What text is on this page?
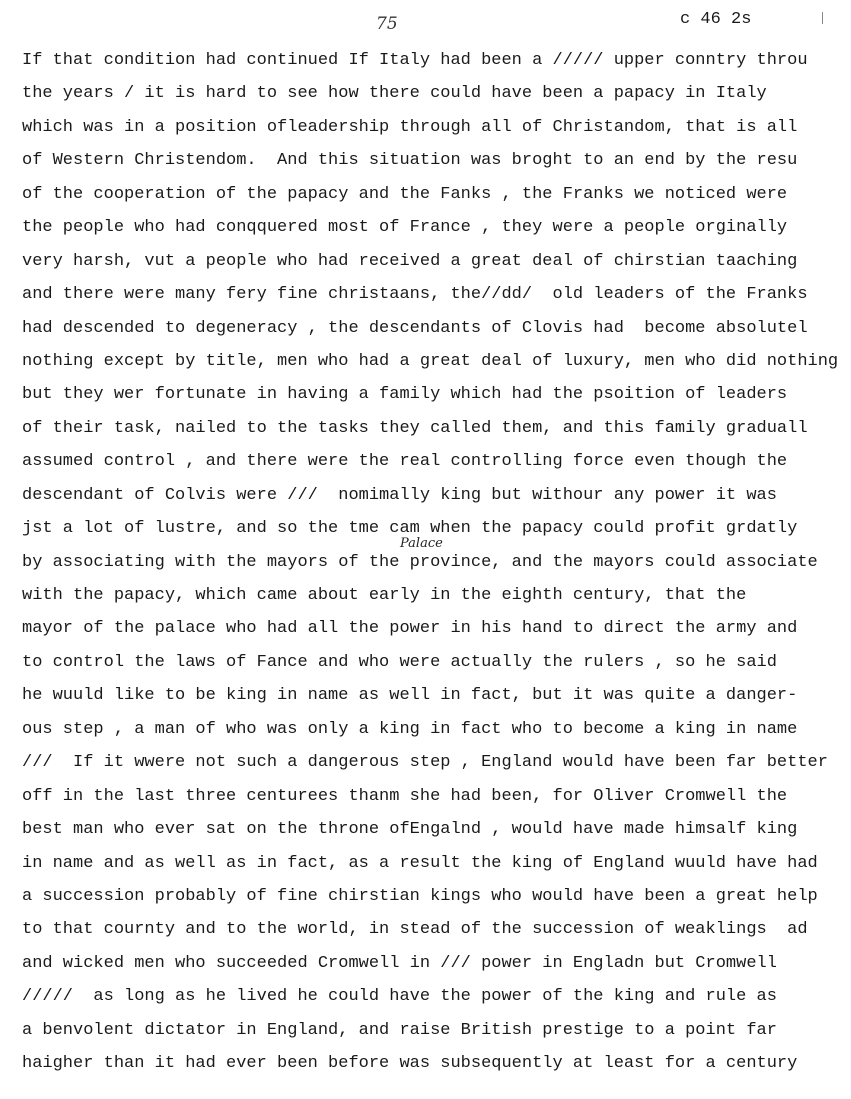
75	c 46 2s
Palace
If that condition had continued If Italy had been a ///// upper conntry throu
the years / it is hard to see how there could have been a papacy in Italy
which was in a position ofleadership through all of Christandom, that is all
of Western Christendom.  And this situation was broght to an end by the resu
of the cooperation of the papacy and the Fanks , the Franks we noticed were
the people who had conqquered most of France , they were a people orginally
very harsh, vut a people who had received a great deal of chirstian taaching
and there were many fery fine christaans, the//dd/  old leaders of the Franks
had descended to degeneracy , the descendants of Clovis had  become absolutel
nothing except by title, men who had a great deal of luxury, men who did nothing
but they wer fortunate in having a family which had the psoition of leaders
of their task, nailed to the tasks they called them, and this family graduall
assumed control , and there were the real controlling force even though the
descendant of Colvis were ///  nomimally king but withour any power it was
jst a lot of lustre, and so the tme cam when the papacy could profit grdatly
by associating with the mayors of the province, and the mayors could associate
with the papacy, which came about early in the eighth century, that the
mayor of the palace who had all the power in his hand to direct the army and
to control the laws of Fance and who were actually the rulers , so he said
he wuuld like to be king in name as well in fact, but it was quite a danger-
ous step , a man of who was only a king in fact who to become a king in name
///  If it wwere not such a dangerous step , England would have been far better
off in the last three centurees thanm she had been, for Oliver Cromwell the
best man who ever sat on the throne ofEngalnd , would have made himsalf king
in name and as well as in fact, as a result the king of England wuuld have had
a succession probably of fine chirstian kings who would have been a great help
to that cournty and to the world, in stead of the succession of weaklings  ad
and wicked men who succeeded Cromwell in /// power in Engladn but Cromwell
/////  as long as he lived he could have the power of the king and rule as
a benvolent dictator in England, and raise British prestige to a point far
haigher than it had ever been before was subsequently at least for a century
